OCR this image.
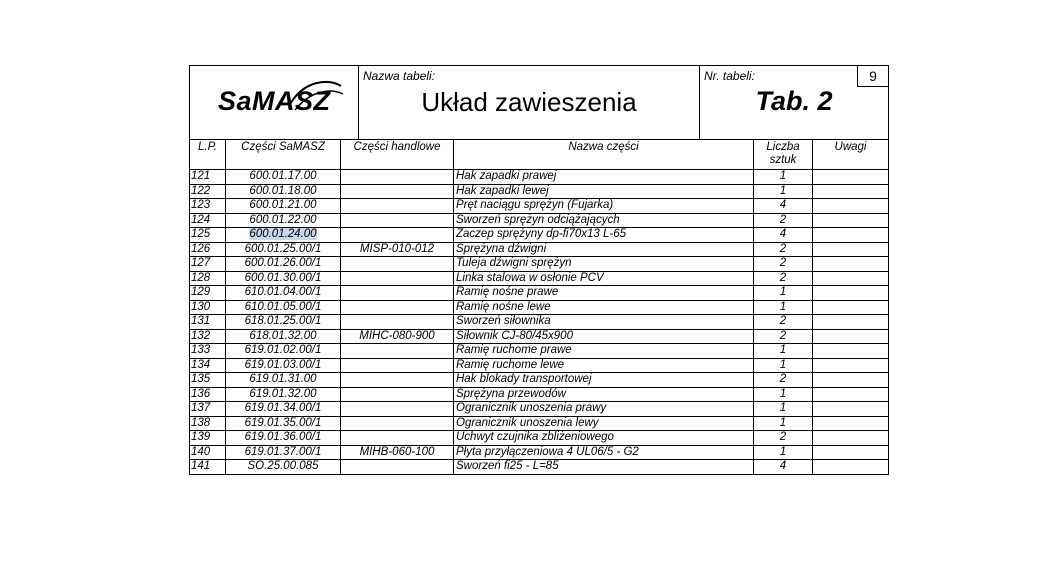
SaMASZ

Nazwa tabeli:
Układ zawieszenia

Nr. tabeli:	9
Tab. 2
L.P.	Części SaMASZ	Części handlowe	Nazwa części	Liczba
sztuk	Uwagi
121	600.01.17.00		Hak zapadki prawej	1	
122	600.01.18.00		Hak zapadki lewej	1	
123	600.01.21.00		Pręt naciągu sprężyn (Fujarka)	4	
124	600.01.22.00		Sworzeń sprężyn odciążających	2	
125	600.01.24.00		Zaczep sprężyny dp-fi70x13 L-65	4	
126	600.01.25.00/1	MISP-010-012	Sprężyna dźwigni	2	
127	600.01.26.00/1		Tuleja dźwigni sprężyn	2	
128	600.01.30.00/1		Linka stalowa w osłonie PCV	2	
129	610.01.04.00/1		Ramię nośne prawe	1	
130	610.01.05.00/1		Ramię nośne lewe	1	
131	618.01.25.00/1		Sworzeń siłownika	2	
132	618.01.32.00	MIHC-080-900	Siłownik CJ-80/45x900	2	
133	619.01.02.00/1		Ramię ruchome prawe	1	
134	619.01.03.00/1		Ramię ruchome lewe	1	
135	619.01.31.00		Hak blokady transportowej	2	
136	619.01.32.00		Sprężyna przewodów	1	
137	619.01.34.00/1		Ogranicznik unoszenia prawy	1	
138	619.01.35.00/1		Ogranicznik unoszenia lewy	1	
139	619.01.36.00/1		Uchwyt czujnika zbliżeniowego	2	
140	619.01.37.00/1	MIHB-060-100	Płyta przyłączeniowa 4 UL06/5 - G2	1	
141	SO.25.00.085		Sworzeń fi25 - L=85	4	
